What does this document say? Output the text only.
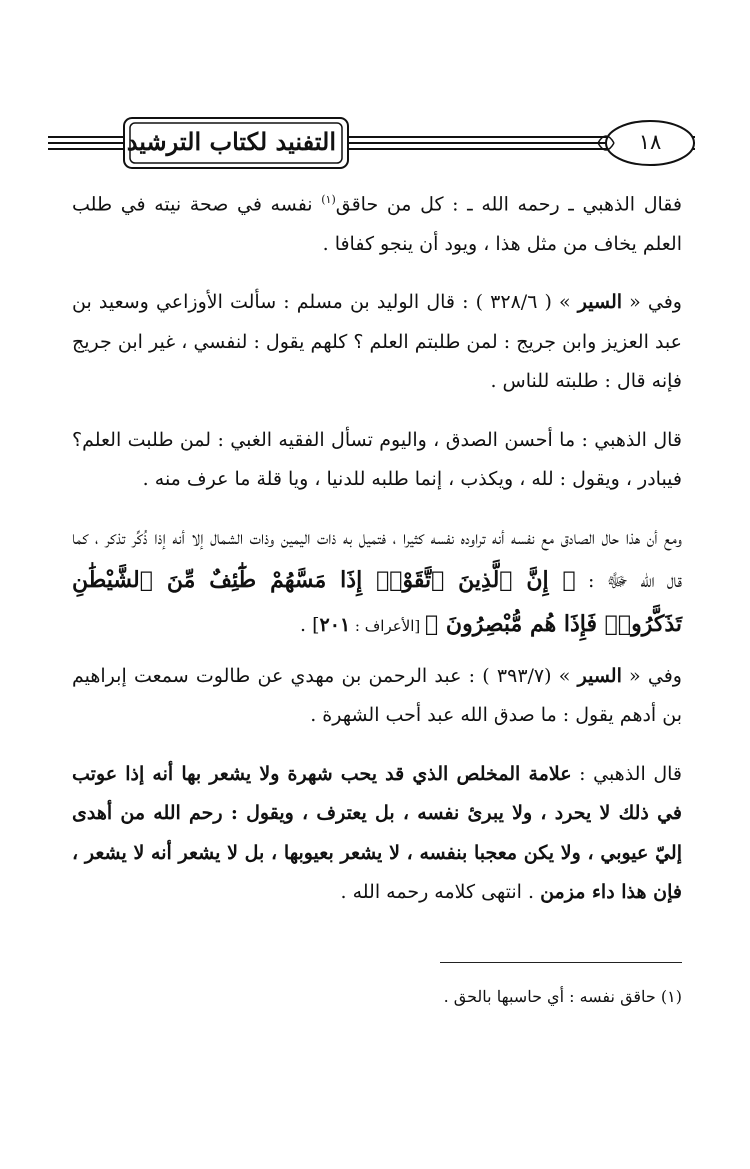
التفنيد لكتاب الترشيد	١٨

فقال الذهبي ـ رحمه الله ـ : كل من حاقق$^{(١)}$ نفسه في صحة نيته في طلب العلم يخاف من مثل هذا ، ويود أن ينجو كفافا .

وفي « السير » ( ٣٢٨/٦ ) : قال الوليد بن مسلم : سألت الأوزاعي وسعيد بن عبد العزيز وابن جريج : لمن طلبتم العلم ؟ كلهم يقول : لنفسي ، غير ابن جريج فإنه قال : طلبته للناس .

قال الذهبي : ما أحسن الصدق ، واليوم تسأل الفقيه الغبي : لمن طلبت العلم؟ فيبادر ، ويقول : لله ، ويكذب ، إنما طلبه للدنيا ، ويا قلة ما عرف منه .

ومع أن هذا حال الصادق مع نفسه أنه تراوده نفسه كثيرا ، فتميل به ذات اليمين وذات الشمال إلا أنه إذا ذُكِّر تذكر ، كما قال الله ﷻ : ﴿ إِنَّ ٱلَّذِينَ ٱتَّقَوْا۟ إِذَا مَسَّهُمْ طَٰٓئِفٌ مِّنَ ٱلشَّيْطَٰنِ تَذَكَّرُوا۟ فَإِذَا هُم مُّبْصِرُونَ ﴾ [الأعراف : ٢٠١] .

وفي « السير » (٣٩٣/٧ ) : عبد الرحمن بن مهدي عن طالوت سمعت إبراهيم بن أدهم يقول : ما صدق الله عبد أحب الشهرة .

قال الذهبي : علامة المخلص الذي قد يحب شهرة ولا يشعر بها أنه إذا عوتب في ذلك لا يحرد ، ولا يبرئ نفسه ، بل يعترف ، ويقول : رحم الله من أهدى إليّ عيوبي ، ولا يكن معجبا بنفسه ، لا يشعر بعيوبها ، بل لا يشعر أنه لا يشعر ، فإن هذا داء مزمن . انتهى كلامه رحمه الله .

(١) حاقق نفسه : أي حاسبها بالحق .
